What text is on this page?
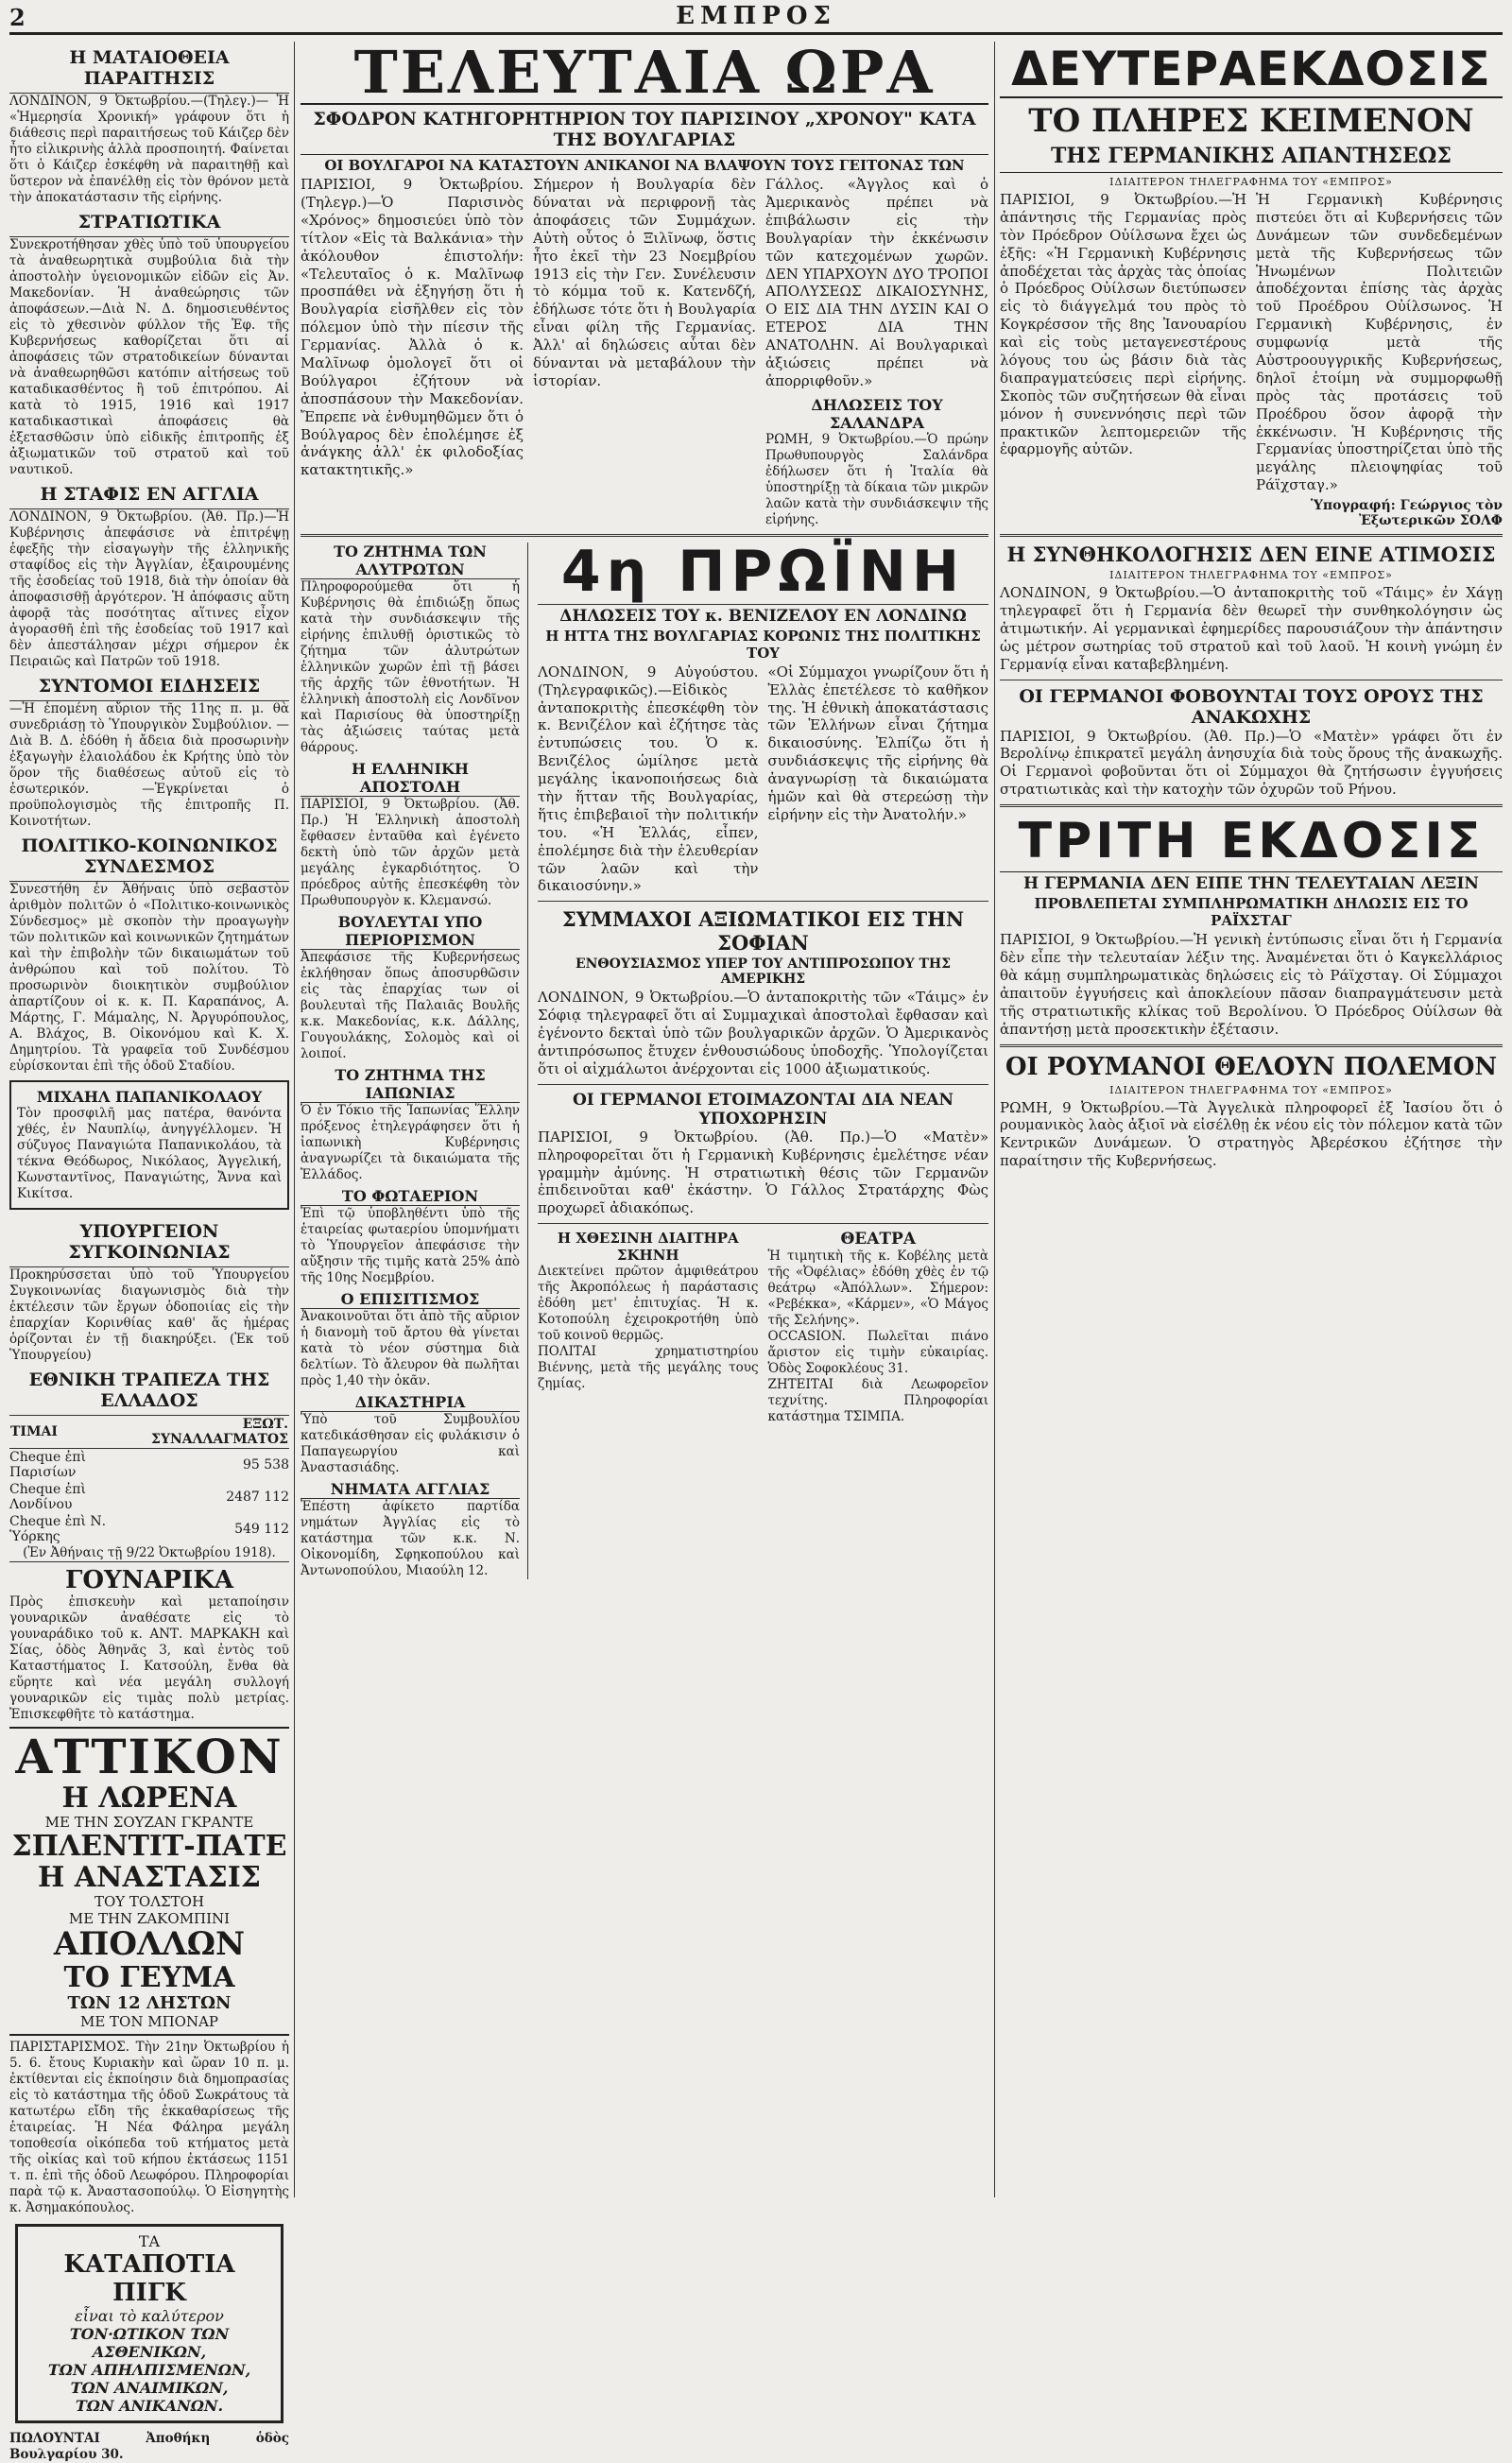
2	ΕΜΠΡΟΣ
Η ΜΑΤΑΙΟΘΕΙΑ ΠΑΡΑΙΤΗΣΙΣ

ΛΟΝΔΙΝΟΝ, 9 Ὀκτωβρίου.—(Τηλεγ.)— Ἡ «Ἡμερησία Χρονική» γράφουν ὅτι ἡ διάθεσις περὶ παραιτήσεως τοῦ Κάιζερ δὲν ἦτο εἰλικρινὴς ἀλλὰ προσποιητή. Φαίνεται ὅτι ὁ Κάιζερ ἐσκέφθη νὰ παραιτηθῇ καὶ ὕστερον νὰ ἐπανέλθῃ εἰς τὸν θρόνον μετὰ τὴν ἀποκατάστασιν τῆς εἰρήνης.

ΣΤΡΑΤΙΩΤΙΚΑ

Συνεκροτήθησαν χθὲς ὑπὸ τοῦ ὑπουργείου τὰ ἀναθεωρητικὰ συμβούλια διὰ τὴν ἀποστολὴν ὑγειονομικῶν εἰδῶν εἰς Ἀν. Μακεδονίαν. Ἡ ἀναθεώρησις τῶν ἀποφάσεων.—Διὰ Ν. Δ. δημοσιευθέντος εἰς τὸ χθεσινὸν φύλλον τῆς Ἐφ. τῆς Κυβερνήσεως καθορίζεται ὅτι αἱ ἀποφάσεις τῶν στρατοδικείων δύνανται νὰ ἀναθεωρηθῶσι κατόπιν αἰτήσεως τοῦ καταδικασθέντος ἢ τοῦ ἐπιτρόπου. Αἱ κατὰ τὸ 1915, 1916 καὶ 1917 καταδικαστικαὶ ἀποφάσεις θὰ ἐξετασθῶσιν ὑπὸ εἰδικῆς ἐπιτροπῆς ἐξ ἀξιωματικῶν τοῦ στρατοῦ καὶ τοῦ ναυτικοῦ.

Η ΣΤΑΦΙΣ ΕΝ ΑΓΓΛΙΑ

ΛΟΝΔΙΝΟΝ, 9 Ὀκτωβρίου. (Ἀθ. Πρ.)—Ἡ Κυβέρνησις ἀπεφάσισε νὰ ἐπιτρέψῃ ἐφεξῆς τὴν εἰσαγωγὴν τῆς ἑλληνικῆς σταφίδος εἰς τὴν Ἀγγλίαν, ἐξαιρουμένης τῆς ἐσοδείας τοῦ 1918, διὰ τὴν ὁποίαν θὰ ἀποφασισθῇ ἀργότερον. Ἡ ἀπόφασις αὕτη ἀφορᾷ τὰς ποσότητας αἵτινες εἶχον ἀγορασθῆ ἐπὶ τῆς ἐσοδείας τοῦ 1917 καὶ δὲν ἀπεστάλησαν μέχρι σήμερον ἐκ Πειραιῶς καὶ Πατρῶν τοῦ 1918.

ΣΥΝΤΟΜΟΙ ΕΙΔΗΣΕΙΣ

—Ἡ ἐπομένη αὔριον τῆς 11ης π. μ. θὰ συνεδριάσῃ τὸ Ὑπουργικὸν Συμβούλιον. —Διὰ Β. Δ. ἐδόθη ἡ ἄδεια διὰ προσωρινὴν ἐξαγωγὴν ἐλαιολάδου ἐκ Κρήτης ὑπὸ τὸν ὅρον τῆς διαθέσεως αὐτοῦ εἰς τὸ ἐσωτερικόν. —Ἐγκρίνεται ὁ προϋπολογισμὸς τῆς ἐπιτροπῆς Π. Κοινοτήτων.

ΠΟΛΙΤΙΚΟ-ΚΟΙΝΩΝΙΚΟΣ ΣΥΝΔΕΣΜΟΣ

Συνεστήθη ἐν Ἀθήναις ὑπὸ σεβαστὸν ἀριθμὸν πολιτῶν ὁ «Πολιτικο-κοινωνικὸς Σύνδεσμος» μὲ σκοπὸν τὴν προαγωγὴν τῶν πολιτικῶν καὶ κοινωνικῶν ζητημάτων καὶ τὴν ἐπιβολὴν τῶν δικαιωμάτων τοῦ ἀνθρώπου καὶ τοῦ πολίτου. Τὸ προσωρινὸν διοικητικὸν συμβούλιον ἀπαρτίζουν οἱ κ. κ. Π. Καραπάνος, Α. Μάρτης, Γ. Μάμαλης, Ν. Ἀργυρόπουλος, Α. Βλάχος, Β. Οἰκονόμου καὶ Κ. Χ. Δημητρίου. Τὰ γραφεῖα τοῦ Συνδέσμου εὑρίσκονται ἐπὶ τῆς ὁδοῦ Σταδίου.

ΜΙΧΑΗΛ ΠΑΠΑΝΙΚΟΛΑΟΥ

Τὸν προσφιλῆ μας πατέρα, θανόντα χθές, ἐν Ναυπλίῳ, ἀνηγγέλλομεν. Ἡ σύζυγος Παναγιώτα Παπανικολάου, τὰ τέκνα Θεόδωρος, Νικόλαος, Ἀγγελική, Κωνσταντῖνος, Παναγιώτης, Ἄννα καὶ Κικίτσα.

ΥΠΟΥΡΓΕΙΟΝ ΣΥΓΚΟΙΝΩΝΙΑΣ

Προκηρύσσεται ὑπὸ τοῦ Ὑπουργείου Συγκοινωνίας διαγωνισμὸς διὰ τὴν ἐκτέλεσιν τῶν ἔργων ὁδοποιίας εἰς τὴν ἐπαρχίαν Κορινθίας καθ' ἅς ἡμέρας ὁρίζονται ἐν τῇ διακηρύξει. (Ἐκ τοῦ Ὑπουργείου)

ΕΘΝΙΚΗ ΤΡΑΠΕΖΑ ΤΗΣ ΕΛΛΑΔΟΣ
ΤΙΜΑΙ	ΕΞΩΤ. ΣΥΝΑΛΛΑΓΜΑΤΟΣ
Cheque ἐπὶ Παρισίων	95 538
Cheque ἐπὶ Λονδίνου	2487 112
Cheque ἐπὶ Ν. Ὑόρκης	549 112

(Ἐν Ἀθήναις τῇ 9/22 Ὀκτωβρίου 1918).

ΓΟΥΝΑΡΙΚΑ

Πρὸς ἐπισκευὴν καὶ μεταποίησιν γουναρικῶν ἀναθέσατε εἰς τὸ γουναράδικο τοῦ κ. ΑΝΤ. ΜΑΡΚΑΚΗ καὶ Σίας, ὁδὸς Ἀθηνᾶς 3, καὶ ἐντὸς τοῦ Καταστήματος Ι. Κατσούλη, ἔνθα θὰ εὕρητε καὶ νέα μεγάλη συλλογή γουναρικῶν εἰς τιμὰς πολὺ μετρίας. Ἐπισκεφθῆτε τὸ κατάστημα.

ΑΤΤΙΚΟΝ
Η ΛΩΡΕΝΑ
ΜΕ ΤΗΝ ΣΟΥΖΑΝ ΓΚΡΑΝΤΕ
ΣΠΛΕΝΤΙΤ-ΠΑΤΕ
Η ΑΝΑΣΤΑΣΙΣ
ΤΟΥ ΤΟΛΣΤΟΗ
ΜΕ ΤΗΝ ΖΑΚΟΜΠΙΝΙ
ΑΠΟΛΛΩΝ
ΤΟ ΓΕΥΜΑ
ΤΩΝ 12 ΛΗΣΤΩΝ
ΜΕ ΤΟΝ ΜΠΟΝΑΡ

ΠΑΡΙΣΤΑΡΙΣΜΟΣ. Τὴν 21ην Ὀκτωβρίου ἡ 5. 6. ἔτους Κυριακὴν καὶ ὥραν 10 π. μ. ἐκτίθενται εἰς ἐκποίησιν διὰ δημοπρασίας εἰς τὸ κατάστημα τῆς ὁδοῦ Σωκράτους τὰ κατωτέρω εἴδη τῆς ἐκκαθαρίσεως τῆς ἑταιρείας. Ἡ Νέα Φάληρα μεγάλη τοποθεσία οἰκόπεδα τοῦ κτήματος μετὰ τῆς οἰκίας καὶ τοῦ κήπου ἐκτάσεως 1151 τ. π. ἐπὶ τῆς ὁδοῦ Λεωφόρου. Πληροφορίαι παρὰ τῷ κ. Ἀναστασοπούλῳ. Ὁ Εἰσηγητὴς κ. Ἀσημακόπουλος.

ΤΑ
ΚΑΤΑΠΟΤΙΑ ΠΙΓΚ
εἶναι τὸ καλύτερον
ΤΟΝ·ΩΤΙΚΟΝ ΤΩΝ ΑΣΘΕΝΙΚΩΝ,
ΤΩΝ ΑΠΗΛΠΙΣΜΕΝΩΝ,
ΤΩΝ ΑΝΑΙΜΙΚΩΝ,
ΤΩΝ ΑΝΙΚΑΝΩΝ.

ΠΩΛΟΥΝΤΑΙ Ἀποθήκη ὁδὸς Βουλγαρίου 30.

ΤΕΛΕΥΤΑΙΑ ΩΡΑ
ΣΦΟΔΡΟΝ ΚΑΤΗΓΟΡΗΤΗΡΙΟΝ ΤΟΥ ΠΑΡΙΣΙΝΟΥ „ΧΡΟΝΟΥ" ΚΑΤΑ ΤΗΣ ΒΟΥΛΓΑΡΙΑΣ
ΟΙ ΒΟΥΛΓΑΡΟΙ ΝΑ ΚΑΤΑΣΤΟΥΝ ΑΝΙΚΑΝΟΙ ΝΑ ΒΛΑΨΟΥΝ ΤΟΥΣ ΓΕΙΤΟΝΑΣ ΤΩΝ

ΠΑΡΙΣΙΟΙ, 9 Ὀκτωβρίου. (Τηλεγρ.)—Ὁ Παρισινὸς «Χρόνος» δημοσιεύει ὑπὸ τὸν τίτλον «Εἰς τὰ Βαλκάνια» τὴν ἀκόλουθον ἐπιστολήν: «Τελευταῖος ὁ κ. Μαλῖνωφ προσπάθει νὰ ἐξηγήσῃ ὅτι ἡ Βουλγαρία εἰσῆλθεν εἰς τὸν πόλεμον ὑπὸ τὴν πίεσιν τῆς Γερμανίας. Ἀλλὰ ὁ κ. Μαλῖνωφ ὁμολογεῖ ὅτι οἱ Βούλγαροι ἐζήτουν νὰ ἀποσπάσουν τὴν Μακεδονίαν. Ἔπρεπε νὰ ἐνθυμηθῶμεν ὅτι ὁ Βούλγαρος δὲν ἐπολέμησε ἐξ ἀνάγκης ἀλλ' ἐκ φιλοδοξίας κατακτητικῆς.»

Σήμερον ἡ Βουλγαρία δὲν δύναται νὰ περιφρονῇ τὰς ἀποφάσεις τῶν Συμμάχων. Αὐτὴ οὗτος ὁ Ξιλῖνωφ, ὅστις ἦτο ἐκεῖ τὴν 23 Νοεμβρίου 1913 εἰς τὴν Γεν. Συνέλευσιν τὸ κόμμα τοῦ κ. Κατενδζή, ἐδήλωσε τότε ὅτι ἡ Βουλγαρία εἶναι φίλη τῆς Γερμανίας. Ἀλλ' αἱ δηλώσεις αὗται δὲν δύνανται νὰ μεταβάλουν τὴν ἱστορίαν.

Γάλλος. «Ἀγγλος καὶ ὁ Ἀμερικανὸς πρέπει νὰ ἐπιβάλωσιν εἰς τὴν Βουλγαρίαν τὴν ἐκκένωσιν τῶν κατεχομένων χωρῶν. ΔΕΝ ΥΠΑΡΧΟΥΝ ΔΥΟ ΤΡΟΠΟΙ ΑΠΟΛΥΣΕΩΣ ΔΙΚΑΙΟΣΥΝΗΣ, Ο ΕΙΣ ΔΙΑ ΤΗΝ ΔΥΣΙΝ ΚΑΙ Ο ΕΤΕΡΟΣ ΔΙΑ ΤΗΝ ΑΝΑΤΟΛΗΝ. Αἱ Βουλγαρικαὶ ἀξιώσεις πρέπει νὰ ἀπορριφθοῦν.»

ΔΗΛΩΣΕΙΣ ΤΟΥ ΣΑΛΑΝΔΡΑ

ΡΩΜΗ, 9 Ὀκτωβρίου.—Ὁ πρώην Πρωθυπουργὸς Σαλάνδρα ἐδήλωσεν ὅτι ἡ Ἰταλία θὰ ὑποστηρίξῃ τὰ δίκαια τῶν μικρῶν λαῶν κατὰ τὴν συνδιάσκεψιν τῆς εἰρήνης.

ΤΟ ΖΗΤΗΜΑ ΤΩΝ ΑΛΥΤΡΩΤΩΝ

Πληροφορούμεθα ὅτι ἡ Κυβέρνησις θὰ ἐπιδιώξῃ ὅπως κατὰ τὴν συνδιάσκεψιν τῆς εἰρήνης ἐπιλυθῇ ὁριστικῶς τὸ ζήτημα τῶν ἀλυτρώτων ἑλληνικῶν χωρῶν ἐπὶ τῇ βάσει τῆς ἀρχῆς τῶν ἐθνοτήτων. Ἡ ἑλληνικὴ ἀποστολὴ εἰς Λονδῖνον καὶ Παρισίους θὰ ὑποστηρίξῃ τὰς ἀξιώσεις ταύτας μετὰ θάρρους.

Η ΕΛΛΗΝΙΚΗ ΑΠΟΣΤΟΛΗ

ΠΑΡΙΣΙΟΙ, 9 Ὀκτωβρίου. (Ἀθ. Πρ.) Ἡ Ἑλληνικὴ ἀποστολὴ ἔφθασεν ἐνταῦθα καὶ ἐγένετο δεκτὴ ὑπὸ τῶν ἀρχῶν μετὰ μεγάλης ἐγκαρδιότητος. Ὁ πρόεδρος αὐτῆς ἐπεσκέφθη τὸν Πρωθυπουργὸν κ. Κλεμανσώ.

ΒΟΥΛΕΥΤΑΙ ΥΠΟ ΠΕΡΙΟΡΙΣΜΟΝ

Ἀπεφάσισε τῆς Κυβερνήσεως ἐκλήθησαν ὅπως ἀποσυρθῶσιν εἰς τὰς ἐπαρχίας των οἱ βουλευταὶ τῆς Παλαιᾶς Βουλῆς κ.κ. Μακεδονίας, κ.κ. Δάλλης, Γουγουλάκης, Σολομὸς καὶ οἱ λοιποί.

ΤΟ ΖΗΤΗΜΑ ΤΗΣ ΙΑΠΩΝΙΑΣ

Ὁ ἐν Τόκιο τῆς Ἰαπωνίας Ἕλλην πρόξενος ἐτηλεγράφησεν ὅτι ἡ ἰαπωνικὴ Κυβέρνησις ἀναγνωρίζει τὰ δικαιώματα τῆς Ἑλλάδος.

ΤΟ ΦΩΤΑΕΡΙΟΝ

Ἐπὶ τῷ ὑποβληθέντι ὑπὸ τῆς ἑταιρείας φωταερίου ὑπομνήματι τὸ Ὑπουργεῖον ἀπεφάσισε τὴν αὔξησιν τῆς τιμῆς κατὰ 25% ἀπὸ τῆς 10ης Νοεμβρίου.

Ο ΕΠΙΣΙΤΙΣΜΟΣ

Ἀνακοινοῦται ὅτι ἀπὸ τῆς αὔριον ἡ διανομὴ τοῦ ἄρτου θὰ γίνεται κατὰ τὸ νέον σύστημα διὰ δελτίων. Τὸ ἄλευρον θὰ πωλῆται πρὸς 1,40 τὴν ὀκᾶν.

ΔΙΚΑΣΤΗΡΙΑ

Ὑπὸ τοῦ Συμβουλίου κατεδικάσθησαν εἰς φυλάκισιν ὁ Παπαγεωργίου καὶ Ἀναστασιάδης.

ΝΗΜΑΤΑ ΑΓΓΛΙΑΣ

Ἐπέστη ἀφίκετο παρτίδα νημάτων Ἀγγλίας εἰς τὸ κατάστημα τῶν κ.κ. Ν. Οἰκονομίδη, Σφηκοπούλου καὶ Ἀντωνοπούλου, Μιαούλη 12.

4η ΠΡΩΪΝΗ
ΔΗΛΩΣΕΙΣ ΤΟΥ κ. ΒΕΝΙΖΕΛΟΥ ΕΝ ΛΟΝΔΙΝΩ
Η ΗΤΤΑ ΤΗΣ ΒΟΥΛΓΑΡΙΑΣ ΚΟΡΩΝΙΣ ΤΗΣ ΠΟΛΙΤΙΚΗΣ ΤΟΥ

ΛΟΝΔΙΝΟΝ, 9 Αὐγούστου. (Τηλεγραφικῶς).—Εἰδικὸς ἀνταποκριτὴς ἐπεσκέφθη τὸν κ. Βενιζέλον καὶ ἐζήτησε τὰς ἐντυπώσεις του. Ὁ κ. Βενιζέλος ὡμίλησε μετὰ μεγάλης ἱκανοποιήσεως διὰ τὴν ἥτταν τῆς Βουλγαρίας, ἥτις ἐπιβεβαιοῖ τὴν πολιτικήν του. «Ἡ Ἑλλάς, εἶπεν, ἐπολέμησε διὰ τὴν ἐλευθερίαν τῶν λαῶν καὶ τὴν δικαιοσύνην.»

«Οἱ Σύμμαχοι γνωρίζουν ὅτι ἡ Ἑλλὰς ἐπετέλεσε τὸ καθῆκον της. Ἡ ἐθνικὴ ἀποκατάστασις τῶν Ἑλλήνων εἶναι ζήτημα δικαιοσύνης. Ἐλπίζω ὅτι ἡ συνδιάσκεψις τῆς εἰρήνης θὰ ἀναγνωρίσῃ τὰ δικαιώματα ἡμῶν καὶ θὰ στερεώσῃ τὴν εἰρήνην εἰς τὴν Ἀνατολήν.»

ΣΥΜΜΑΧΟΙ ΑΞΙΩΜΑΤΙΚΟΙ ΕΙΣ ΤΗΝ ΣΟΦΙΑΝ
ΕΝΘΟΥΣΙΑΣΜΟΣ ΥΠΕΡ ΤΟΥ ΑΝΤΙΠΡΟΣΩΠΟΥ ΤΗΣ ΑΜΕΡΙΚΗΣ

ΛΟΝΔΙΝΟΝ, 9 Ὀκτωβρίου.—Ὁ ἀνταποκριτὴς τῶν «Τάιμς» ἐν Σόφιᾳ τηλεγραφεῖ ὅτι αἱ Συμμαχικαὶ ἀποστολαὶ ἔφθασαν καὶ ἐγένοντο δεκταὶ ὑπὸ τῶν βουλγαρικῶν ἀρχῶν. Ὁ Ἀμερικανὸς ἀντιπρόσωπος ἔτυχεν ἐνθουσιώδους ὑποδοχῆς. Ὑπολογίζεται ὅτι οἱ αἰχμάλωτοι ἀνέρχονται εἰς 1000 ἀξιωματικούς.

ΟΙ ΓΕΡΜΑΝΟΙ ΕΤΟΙΜΑΖΟΝΤΑΙ ΔΙΑ ΝΕΑΝ ΥΠΟΧΩΡΗΣΙΝ

ΠΑΡΙΣΙΟΙ, 9 Ὀκτωβρίου. (Ἀθ. Πρ.)—Ὁ «Ματὲν» πληροφορεῖται ὅτι ἡ Γερμανικὴ Κυβέρνησις ἐμελέτησε νέαν γραμμὴν ἀμύνης. Ἡ στρατιωτικὴ θέσις τῶν Γερμανῶν ἐπιδεινοῦται καθ' ἑκάστην. Ὁ Γάλλος Στρατάρχης Φὼς προχωρεῖ ἀδιακόπως.

Η ΧΘΕΣΙΝΗ ΔΙΑΙΤΗΡΑ ΣΚΗΝΗ

Διεκτείνει πρῶτον ἀμφιθεάτρου τῆς Ἀκροπόλεως ἡ παράστασις ἐδόθη μετ' ἐπιτυχίας. Ἡ κ. Κοτοπούλη ἐχειροκροτήθη ὑπὸ τοῦ κοινοῦ θερμῶς.

ΠΟΛΙΤΑΙ χρηματιστηρίου Βιέννης, μετὰ τῆς μεγάλης τους ζημίας.

ΘΕΑΤΡΑ

Ἡ τιμητικὴ τῆς κ. Κοβέλης μετὰ τῆς «Ὀφέλιας» ἐδόθη χθὲς ἐν τῷ θεάτρῳ «Ἀπόλλων». Σήμερον: «Ρεβέκκα», «Κάρμεν», «Ὁ Μάγος τῆς Σελήνης».

OCCASION. Πωλεῖται πιάνο ἄριστον εἰς τιμὴν εὐκαιρίας. Ὁδὸς Σοφοκλέους 31.

ΖΗΤΕΙΤΑΙ διὰ Λεωφορεῖον τεχνίτης. Πληροφορίαι κατάστημα ΤΣΙΜΠΑ.

ΔΕΥΤΕΡΑΕΚΔΟΣΙΣ
ΤΟ ΠΛΗΡΕΣ ΚΕΙΜΕΝΟΝ
ΤΗΣ ΓΕΡΜΑΝΙΚΗΣ ΑΠΑΝΤΗΣΕΩΣ
ΙΔΙΑΙΤΕΡΟΝ ΤΗΛΕΓΡΑΦΗΜΑ ΤΟΥ «ΕΜΠΡΟΣ»

ΠΑΡΙΣΙΟΙ, 9 Ὀκτωβρίου.—Ἡ ἀπάντησις τῆς Γερμανίας πρὸς τὸν Πρόεδρον Οὐίλσωνα ἔχει ὡς ἑξῆς: «Ἡ Γερμανικὴ Κυβέρνησις ἀποδέχεται τὰς ἀρχὰς τὰς ὁποίας ὁ Πρόεδρος Οὐίλσων διετύπωσεν εἰς τὸ διάγγελμά του πρὸς τὸ Κογκρέσσον τῆς 8ης Ἰανουαρίου καὶ εἰς τοὺς μεταγενεστέρους λόγους του ὡς βάσιν διὰ τὰς διαπραγματεύσεις περὶ εἰρήνης. Σκοπὸς τῶν συζητήσεων θὰ εἶναι μόνον ἡ συνεννόησις περὶ τῶν πρακτικῶν λεπτομερειῶν τῆς ἐφαρμογῆς αὐτῶν.

Ἡ Γερμανικὴ Κυβέρνησις πιστεύει ὅτι αἱ Κυβερνήσεις τῶν Δυνάμεων τῶν συνδεδεμένων μετὰ τῆς Κυβερνήσεως τῶν Ἡνωμένων Πολιτειῶν ἀποδέχονται ἐπίσης τὰς ἀρχὰς τοῦ Προέδρου Οὐίλσωνος. Ἡ Γερμανικὴ Κυβέρνησις, ἐν συμφωνίᾳ μετὰ τῆς Αὐστροουγγρικῆς Κυβερνήσεως, δηλοῖ ἑτοίμη νὰ συμμορφωθῇ πρὸς τὰς προτάσεις τοῦ Προέδρου ὅσον ἀφορᾷ τὴν ἐκκένωσιν. Ἡ Κυβέρνησις τῆς Γερμανίας ὑποστηρίζεται ὑπὸ τῆς μεγάλης πλειοψηφίας τοῦ Ράϊχσταγ.»

Ὑπογραφή: Γεώργιος τὸν Ἐξωτερικῶν ΣΟΛΦ
Η ΣΥΝΘΗΚΟΛΟΓΗΣΙΣ ΔΕΝ ΕΙΝΕ ΑΤΙΜΟΣΙΣ
ΙΔΙΑΙΤΕΡΟΝ ΤΗΛΕΓΡΑΦΗΜΑ ΤΟΥ «ΕΜΠΡΟΣ»

ΛΟΝΔΙΝΟΝ, 9 Ὀκτωβρίου.—Ὁ ἀνταποκριτὴς τοῦ «Τάιμς» ἐν Χάγῃ τηλεγραφεῖ ὅτι ἡ Γερμανία δὲν θεωρεῖ τὴν συνθηκολόγησιν ὡς ἀτιμωτικήν. Αἱ γερμανικαὶ ἐφημερίδες παρουσιάζουν τὴν ἀπάντησιν ὡς μέτρον σωτηρίας τοῦ στρατοῦ καὶ τοῦ λαοῦ. Ἡ κοινὴ γνώμη ἐν Γερμανίᾳ εἶναι καταβεβλημένη.

ΟΙ ΓΕΡΜΑΝΟΙ ΦΟΒΟΥΝΤΑΙ ΤΟΥΣ ΟΡΟΥΣ ΤΗΣ ΑΝΑΚΩΧΗΣ

ΠΑΡΙΣΙΟΙ, 9 Ὀκτωβρίου. (Ἀθ. Πρ.)—Ὁ «Ματὲν» γράφει ὅτι ἐν Βερολίνῳ ἐπικρατεῖ μεγάλη ἀνησυχία διὰ τοὺς ὅρους τῆς ἀνακωχῆς. Οἱ Γερμανοὶ φοβοῦνται ὅτι οἱ Σύμμαχοι θὰ ζητήσωσιν ἐγγυήσεις στρατιωτικὰς καὶ τὴν κατοχὴν τῶν ὀχυρῶν τοῦ Ρήνου.

ΤΡΙΤΗ ΕΚΔΟΣΙΣ
Η ΓΕΡΜΑΝΙΑ ΔΕΝ ΕΙΠΕ ΤΗΝ ΤΕΛΕΥΤΑΙΑΝ ΛΕΞΙΝ
ΠΡΟΒΛΕΠΕΤΑΙ ΣΥΜΠΛΗΡΩΜΑΤΙΚΗ ΔΗΛΩΣΙΣ ΕΙΣ ΤΟ ΡΑΪΧΣΤΑΓ

ΠΑΡΙΣΙΟΙ, 9 Ὀκτωβρίου.—Ἡ γενικὴ ἐντύπωσις εἶναι ὅτι ἡ Γερμανία δὲν εἶπε τὴν τελευταίαν λέξιν της. Ἀναμένεται ὅτι ὁ Καγκελλάριος θὰ κάμῃ συμπληρωματικὰς δηλώσεις εἰς τὸ Ράϊχσταγ. Οἱ Σύμμαχοι ἀπαιτοῦν ἐγγυήσεις καὶ ἀποκλείουν πᾶσαν διαπραγμάτευσιν μετὰ τῆς στρατιωτικῆς κλίκας τοῦ Βερολίνου. Ὁ Πρόεδρος Οὐίλσων θὰ ἀπαντήσῃ μετὰ προσεκτικὴν ἐξέτασιν.

ΟΙ ΡΟΥΜΑΝΟΙ ΘΕΛΟΥΝ ΠΟΛΕΜΟΝ
ΙΔΙΑΙΤΕΡΟΝ ΤΗΛΕΓΡΑΦΗΜΑ ΤΟΥ «ΕΜΠΡΟΣ»

ΡΩΜΗ, 9 Ὀκτωβρίου.—Τὰ Ἀγγελικὰ πληροφορεῖ ἐξ Ἰασίου ὅτι ὁ ρουμανικὸς λαὸς ἀξιοῖ νὰ εἰσέλθῃ ἐκ νέου εἰς τὸν πόλεμον κατὰ τῶν Κεντρικῶν Δυνάμεων. Ὁ στρατηγὸς Ἀβερέσκου ἐζήτησε τὴν παραίτησιν τῆς Κυβερνήσεως.
